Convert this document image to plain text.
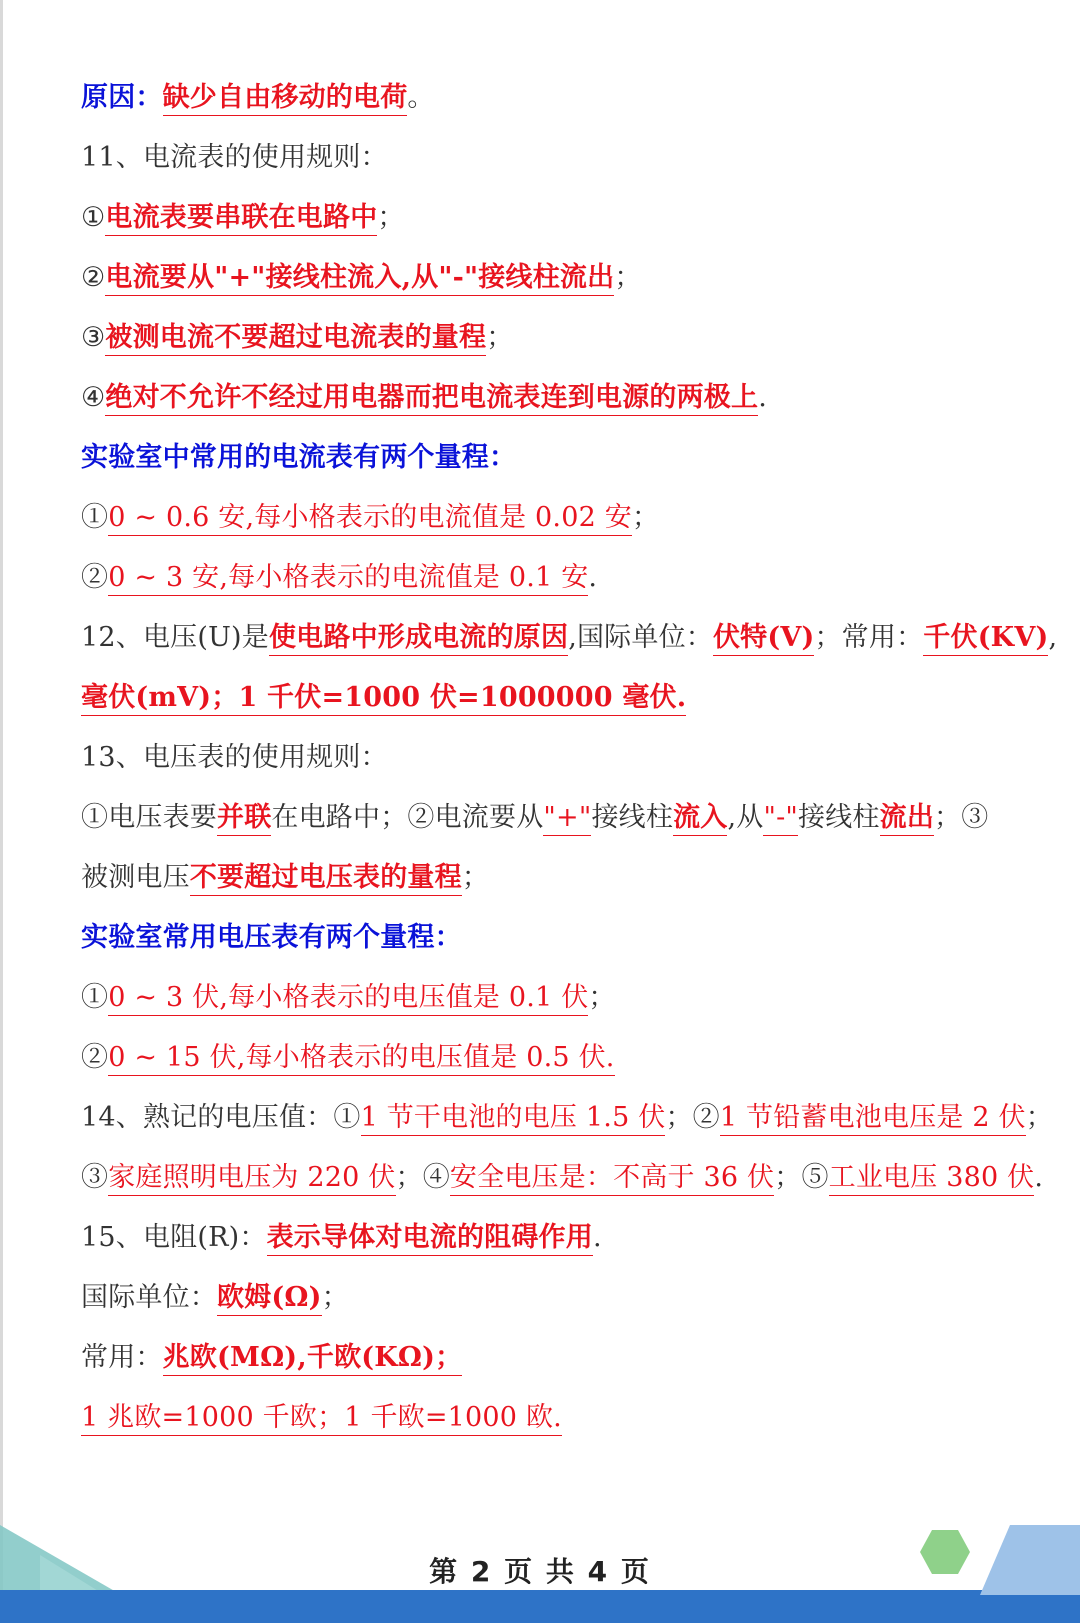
原因：缺少自由移动的电荷。
11、电流表的使用规则：
①电流表要串联在电路中；
②电流要从"+"接线柱流入,从"-"接线柱流出；
③被测电流不要超过电流表的量程；
④绝对不允许不经过用电器而把电流表连到电源的两极上.
实验室中常用的电流表有两个量程：
①0 ~ 0.6 安,每小格表示的电流值是 0.02 安；
②0 ~ 3 安,每小格表示的电流值是 0.1 安.
12、电压(U)是使电路中形成电流的原因,国际单位：伏特(V)；常用：千伏(KV),
毫伏(mV)；1 千伏=1000 伏=1000000 毫伏.
13、电压表的使用规则：
①电压表要并联在电路中；②电流要从"+"接线柱流入,从"-"接线柱流出；③
被测电压不要超过电压表的量程；
实验室常用电压表有两个量程：
①0 ~ 3 伏,每小格表示的电压值是 0.1 伏；
②0 ~ 15 伏,每小格表示的电压值是 0.5 伏.
14、熟记的电压值：①1 节干电池的电压 1.5 伏；②1 节铅蓄电池电压是 2 伏；
③家庭照明电压为 220 伏；④安全电压是：不高于 36 伏；⑤工业电压 380 伏.
15、电阻(R)：表示导体对电流的阻碍作用.
国际单位：欧姆(Ω)；
常用：兆欧(MΩ),千欧(KΩ)；
1 兆欧=1000 千欧；1 千欧=1000 欧.
第 2 页 共 4 页
